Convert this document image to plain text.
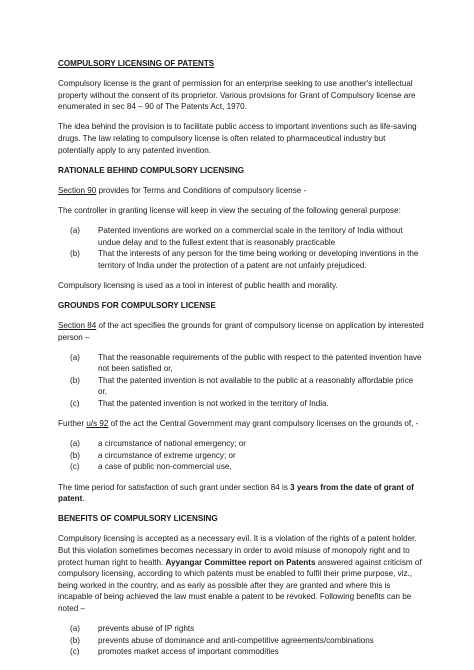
COMPULSORY LICENSING OF PATENTS

Compulsory license is the grant of permission for an enterprise seeking to use another's intellectual property without the consent of its proprietor. Various provisions for Grant of Compulsory license are enumerated in sec 84 – 90 of The Patents Act, 1970.

The idea behind the provision is to facilitate public access to important inventions such as life-saving drugs. The law relating to compulsory license is often related to pharmaceutical industry but potentially apply to any patented invention.

RATIONALE BEHIND COMPULSORY LICENSING

Section 90 provides for Terms and Conditions of compulsory license -

The controller in granting license will keep in view the securing of the following general purpose:

(a) Patented inventions are worked on a commercial scale in the territory of India without undue delay and to the fullest extent that is reasonably practicable
(b) That the interests of any person for the time being working or developing inventions in the territory of India under the protection of a patent are not unfairly prejudiced.

Compulsory licensing is used as a tool in interest of public health and morality.

GROUNDS FOR COMPULSORY LICENSE

Section 84 of the act specifies the grounds for grant of compulsory license on application by interested person –

(a) That the reasonable requirements of the public with respect to the patented invention have not been satisfied or,
(b) That the patented invention is not available to the public at a reasonably affordable price or,
(c) That the patented invention is not worked in the territory of India.

Further u/s 92 of the act the Central Government may grant compulsory licenses on the grounds of, -

(a) a circumstance of national emergency; or
(b) a circumstance of extreme urgency; or
(c) a case of public non-commercial use,

The time period for satisfaction of such grant under section 84 is 3 years from the date of grant of patent.

BENEFITS OF COMPULSORY LICENSING

Compulsory licensing is accepted as a necessary evil. It is a violation of the rights of a patent holder. But this violation sometimes becomes necessary in order to avoid misuse of monopoly right and to protect human right to health. Ayyangar Committee report on Patents answered against criticism of compulsory licensing, according to which patents must be enabled to fulfil their prime purpose, viz., being worked in the country, and as early as possible after they are granted and where this is incapable of being achieved the law must enable a patent to be revoked. Following benefits can be noted –

(a) prevents abuse of IP rights
(b) prevents abuse of dominance and anti-competitive agreements/combinations
(c) promotes market access of important commodities
